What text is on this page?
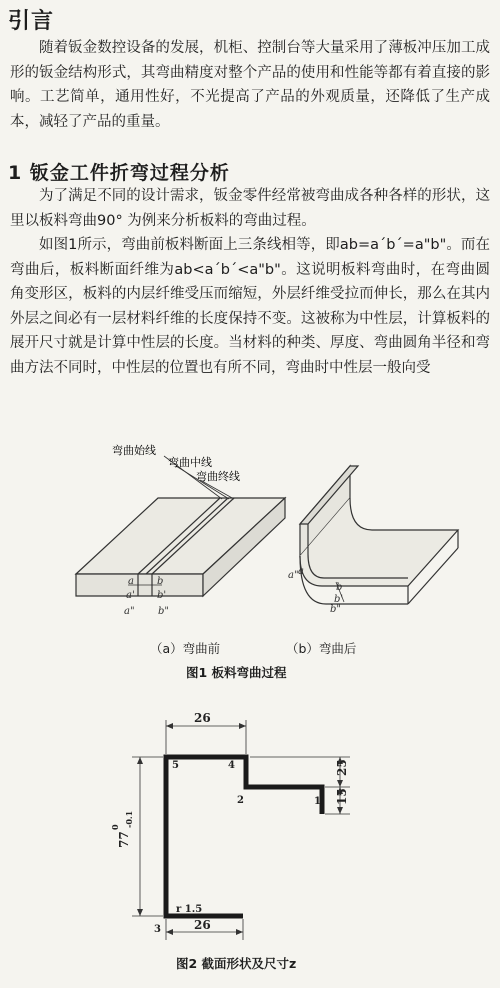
引言

随着钣金数控设备的发展，机柜、控制台等大量采用了薄板冲压加工成形的钣金结构形式，其弯曲精度对整个产品的使用和性能等都有着直接的影响。工艺简单，通用性好，不光提高了产品的外观质量，还降低了生产成本，减轻了产品的重量。

1 钣金工件折弯过程分析

为了满足不同的设计需求，钣金零件经常被弯曲成各种各样的形状，这里以板料弯曲90° 为例来分析板料的弯曲过程。

如图1所示，弯曲前板料断面上三条线相等，即ab=a´b´=a"b"。而在弯曲后，板料断面纤维为ab<a´b´<a"b"。这说明板料弯曲时，在弯曲圆角变形区，板料的内层纤维受压而缩短，外层纤维受拉而伸长，那么在其内外层之间必有一层材料纤维的长度保持不变。这被称为中性层，计算板料的展开尺寸就是计算中性层的长度。当材料的种类、厚度、弯曲圆角半径和弯曲方法不同时，中性层的位置也有所不同，弯曲时中性层一般向受

弯曲始线
弯曲中线
弯曲终线
a b
a' b'
a" b"
a
a"
b
b'
b"

（a）弯曲前	（b）弯曲后

图1 板料弯曲过程

26
26
25
15
77
0 -0.1
1
2
3
4
5
r 1.5

图2 截面形状及尺寸z
